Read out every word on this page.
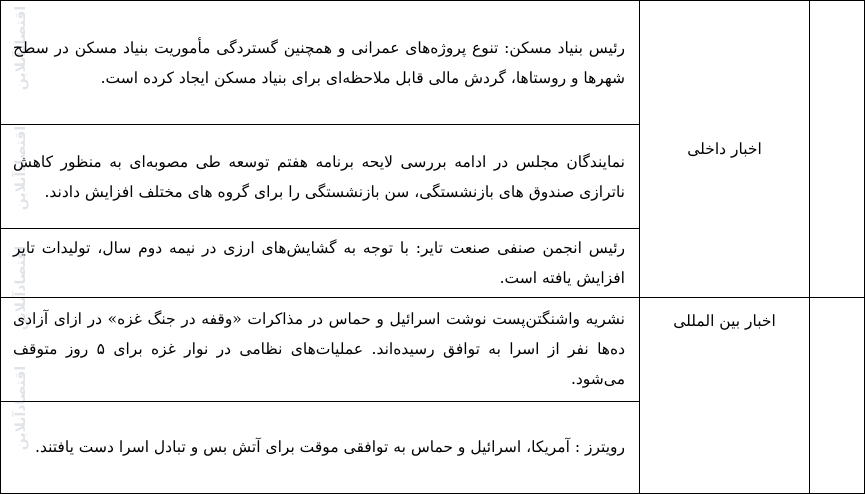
	اخبار داخلی	رئیس بنیاد مسکن: تنوع پروژه‌های عمرانی و همچنین گستردگی مأموریت بنیاد مسکن در سطح شهرها و روستاها، گردش مالی قابل ملاحظه‌ای برای بنیاد مسکن ایجاد کرده است.
		نمایندگان مجلس در ادامه بررسی لایحه برنامه هفتم توسعه طی مصوبه‌ای به منظور کاهش ناترازی صندوق های بازنشستگی، سن بازنشستگی را برای گروه های مختلف افزایش دادند.
		رئیس انجمن صنفی صنعت تایر: با توجه به گشایش‌های ارزی در نیمه دوم سال، تولیدات تایر افزایش یافته است.
	اخبار بین المللی	نشریه واشنگتن‌پست نوشت اسرائیل و حماس در مذاکرات «وقفه در جنگ غزه» در ازای آزادی ده‌ها نفر از اسرا به توافق رسیده‌اند. عملیات‌های نظامی در نوار غزه برای ۵ روز متوقف می‌شود.
		رویترز : آمریکا، اسرائیل و حماس به توافقی موقت برای آتش بس و تبادل اسرا دست یافتند.
اقتصادآنلاین
اقتصادآنلاین
اقتصادآنلاین
اقتصادآنلاین
